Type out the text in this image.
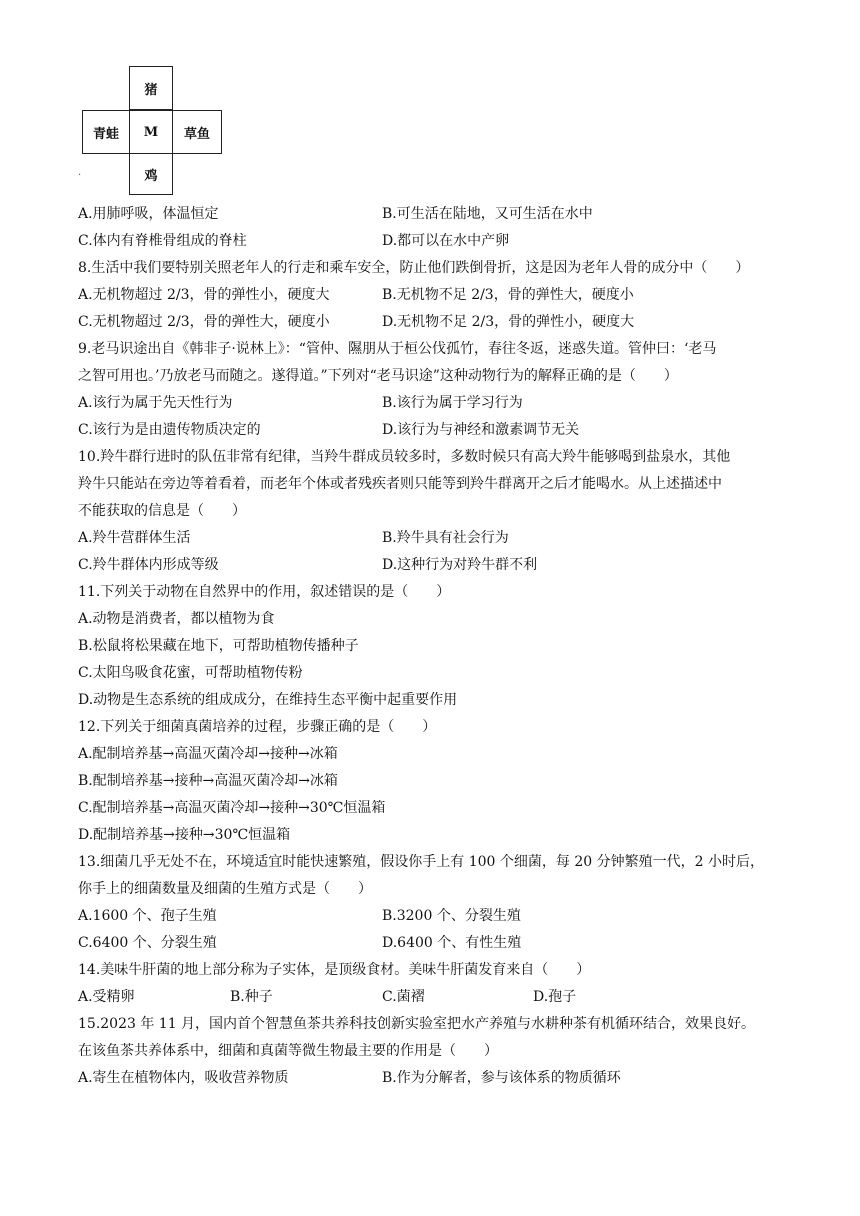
猪
青蛙	M	草鱼
鸡
·
A.用肺呼吸，体温恒定	B.可生活在陆地，又可生活在水中
C.体内有脊椎骨组成的脊柱	D.都可以在水中产卵
8.生活中我们要特别关照老年人的行走和乘车安全，防止他们跌倒骨折，这是因为老年人骨的成分中（　　）
A.无机物超过 2/3，骨的弹性小，硬度大	B.无机物不足 2/3，骨的弹性大，硬度小
C.无机物超过 2/3，骨的弹性大，硬度小	D.无机物不足 2/3，骨的弹性小，硬度大
9.老马识途出自《韩非子·说林上》：“管仲、隰朋从于桓公伐孤竹，春往冬返，迷惑失道。管仲曰：‘老马
之智可用也。’乃放老马而随之。遂得道。”下列对“老马识途”这种动物行为的解释正确的是（　　）
A.该行为属于先天性行为	B.该行为属于学习行为
C.该行为是由遗传物质决定的	D.该行为与神经和激素调节无关
10.羚牛群行进时的队伍非常有纪律，当羚牛群成员较多时，多数时候只有高大羚牛能够喝到盐泉水，其他
羚牛只能站在旁边等着看着，而老年个体或者残疾者则只能等到羚牛群离开之后才能喝水。从上述描述中
不能获取的信息是（　　）
A.羚牛营群体生活	B.羚牛具有社会行为
C.羚牛群体内形成等级	D.这种行为对羚牛群不利
11.下列关于动物在自然界中的作用，叙述错误的是（　　）
A.动物是消费者，都以植物为食
B.松鼠将松果藏在地下，可帮助植物传播种子
C.太阳鸟吸食花蜜，可帮助植物传粉
D.动物是生态系统的组成成分，在维持生态平衡中起重要作用
12.下列关于细菌真菌培养的过程，步骤正确的是（　　）
A.配制培养基→高温灭菌冷却→接种→冰箱
B.配制培养基→接种→高温灭菌冷却→冰箱
C.配制培养基→高温灭菌冷却→接种→30℃恒温箱
D.配制培养基→接种→30℃恒温箱
13.细菌几乎无处不在，环境适宜时能快速繁殖，假设你手上有 100 个细菌，每 20 分钟繁殖一代，2 小时后，
你手上的细菌数量及细菌的生殖方式是（　　）
A.1600 个、孢子生殖	B.3200 个、分裂生殖
C.6400 个、分裂生殖	D.6400 个、有性生殖
14.美味牛肝菌的地上部分称为子实体，是顶级食材。美味牛肝菌发育来自（　　）
A.受精卵	B.种子	C.菌褶	D.孢子
15.2023 年 11 月，国内首个智慧鱼茶共养科技创新实验室把水产养殖与水耕种茶有机循环结合，效果良好。
在该鱼茶共养体系中，细菌和真菌等微生物最主要的作用是（　　）
A.寄生在植物体内，吸收营养物质	B.作为分解者，参与该体系的物质循环
